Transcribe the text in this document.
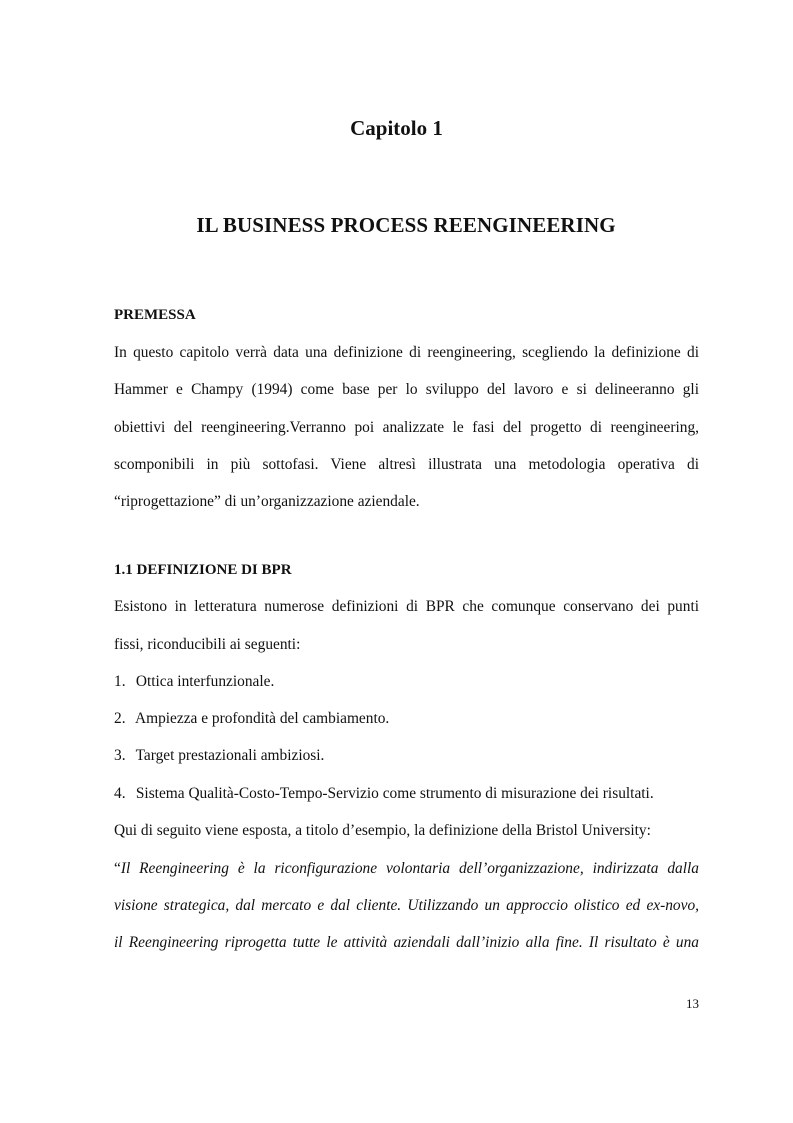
Capitolo 1
IL BUSINESS PROCESS REENGINEERING
PREMESSA
In questo capitolo verrà data una definizione di reengineering, scegliendo la definizione di
Hammer e Champy (1994) come base per lo sviluppo del lavoro e si delineeranno gli
obiettivi del reengineering.Verranno poi analizzate le fasi del progetto di reengineering,
scomponibili in più sottofasi. Viene altresì illustrata una metodologia operativa di
“riprogettazione” di un’organizzazione aziendale.
1.1 DEFINIZIONE DI BPR
Esistono in letteratura numerose definizioni di BPR che comunque conservano dei punti
fissi, riconducibili ai seguenti:
1. Ottica interfunzionale.
2. Ampiezza e profondità del cambiamento.
3. Target prestazionali ambiziosi.
4. Sistema Qualità-Costo-Tempo-Servizio come strumento di misurazione dei risultati.
Qui di seguito viene esposta, a titolo d’esempio, la definizione della Bristol University:
“Il Reengineering è la riconfigurazione volontaria dell’organizzazione, indirizzata dalla
visione strategica, dal mercato e dal cliente. Utilizzando un approccio olistico ed ex-novo,
il Reengineering riprogetta tutte le attività aziendali dall’inizio alla fine. Il risultato è una
13
